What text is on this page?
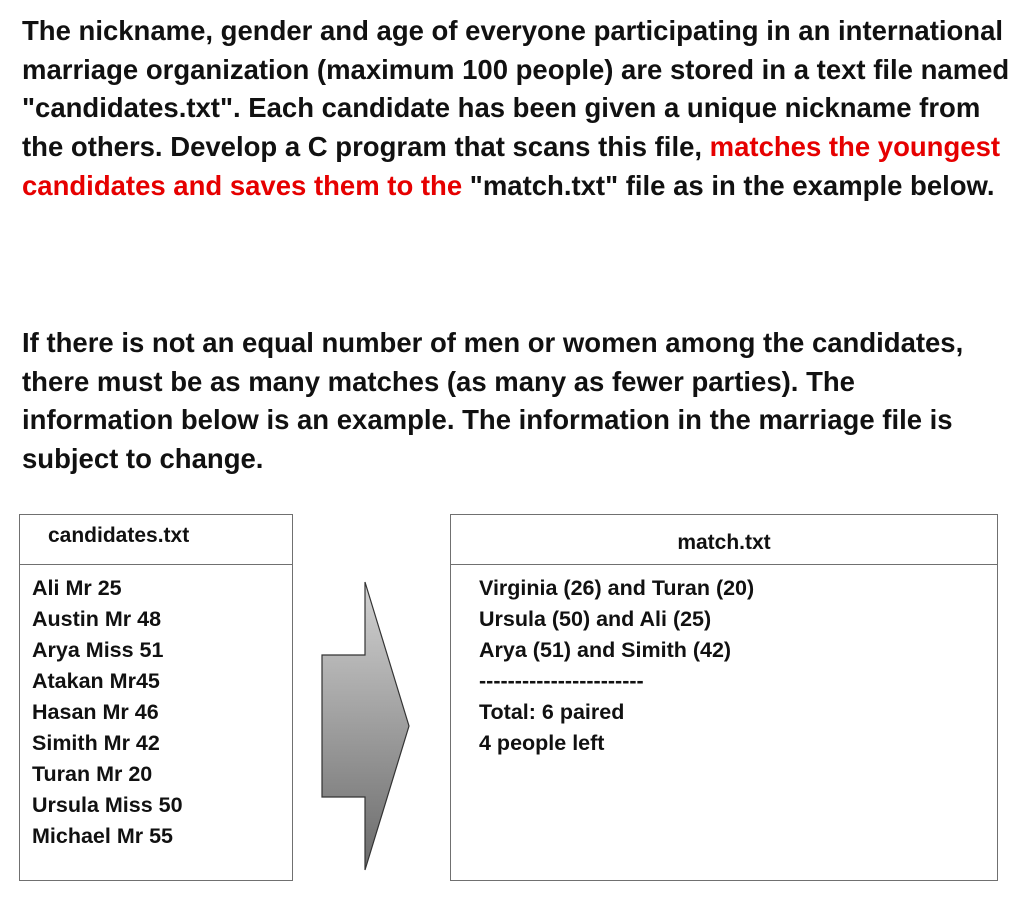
The nickname, gender and age of everyone participating in an international marriage organization (maximum 100 people) are stored in a text file named "candidates.txt". Each candidate has been given a unique nickname from the others. Develop a C program that scans this file, matches the youngest candidates and saves them to the "match.txt" file as in the example below.

If there is not an equal number of men or women among the candidates, there must be as many matches (as many as fewer parties). The information below is an example. The information in the marriage file is subject to change.

candidates.txt
Ali Mr 25
Austin Mr 48
Arya Miss 51
Atakan Mr45
Hasan Mr 46
Simith Mr 42
Turan Mr 20
Ursula Miss 50
Michael Mr 55
match.txt
Virginia (26) and Turan (20)
Ursula (50) and Ali (25)
Arya (51) and Simith (42)
-----------------------
Total: 6 paired
4 people left
